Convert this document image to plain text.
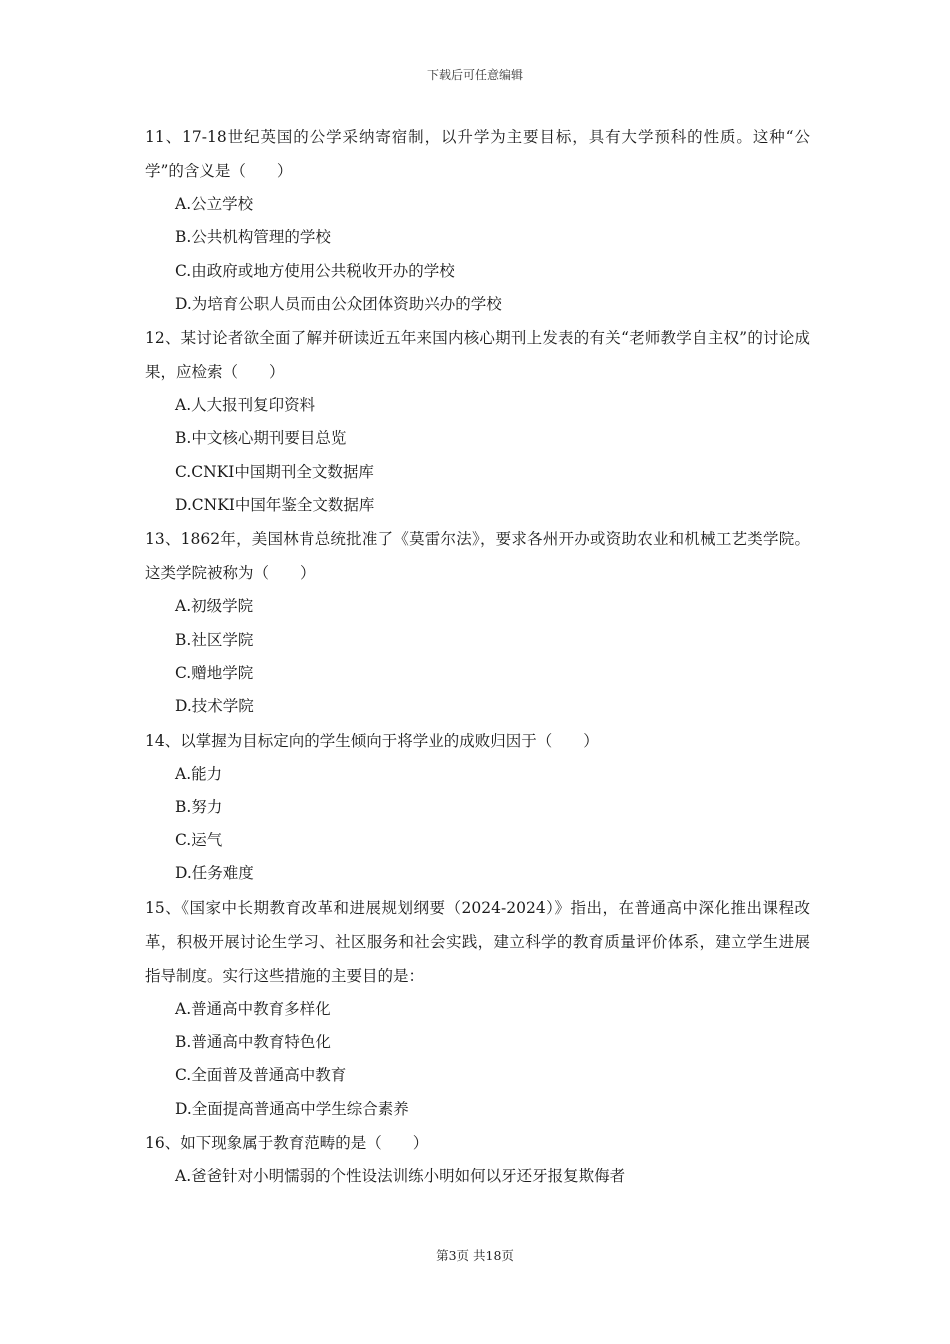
下载后可任意编辑

11、17-18世纪英国的公学采纳寄宿制，以升学为主要目标，具有大学预科的性质。这种“公学”的含义是（　　）

A.公立学校
B.公共机构管理的学校
C.由政府或地方使用公共税收开办的学校
D.为培育公职人员而由公众团体资助兴办的学校

12、某讨论者欲全面了解并研读近五年来国内核心期刊上发表的有关“老师教学自主权”的讨论成果，应检索（　　）

A.人大报刊复印资料
B.中文核心期刊要目总览
C.CNKI中国期刊全文数据库
D.CNKI中国年鉴全文数据库

13、1862年，美国林肯总统批准了《莫雷尔法》，要求各州开办或资助农业和机械工艺类学院。这类学院被称为（　　）

A.初级学院
B.社区学院
C.赠地学院
D.技术学院

14、以掌握为目标定向的学生倾向于将学业的成败归因于（　　）

A.能力
B.努力
C.运气
D.任务难度

15、《国家中长期教育改革和进展规划纲要（2024-2024）》指出，在普通高中深化推出课程改革，积极开展讨论生学习、社区服务和社会实践，建立科学的教育质量评价体系，建立学生进展指导制度。实行这些措施的主要目的是：

A.普通高中教育多样化
B.普通高中教育特色化
C.全面普及普通高中教育
D.全面提高普通高中学生综合素养

16、如下现象属于教育范畴的是（　　）

A.爸爸针对小明懦弱的个性设法训练小明如何以牙还牙报复欺侮者
第3页 共18页
